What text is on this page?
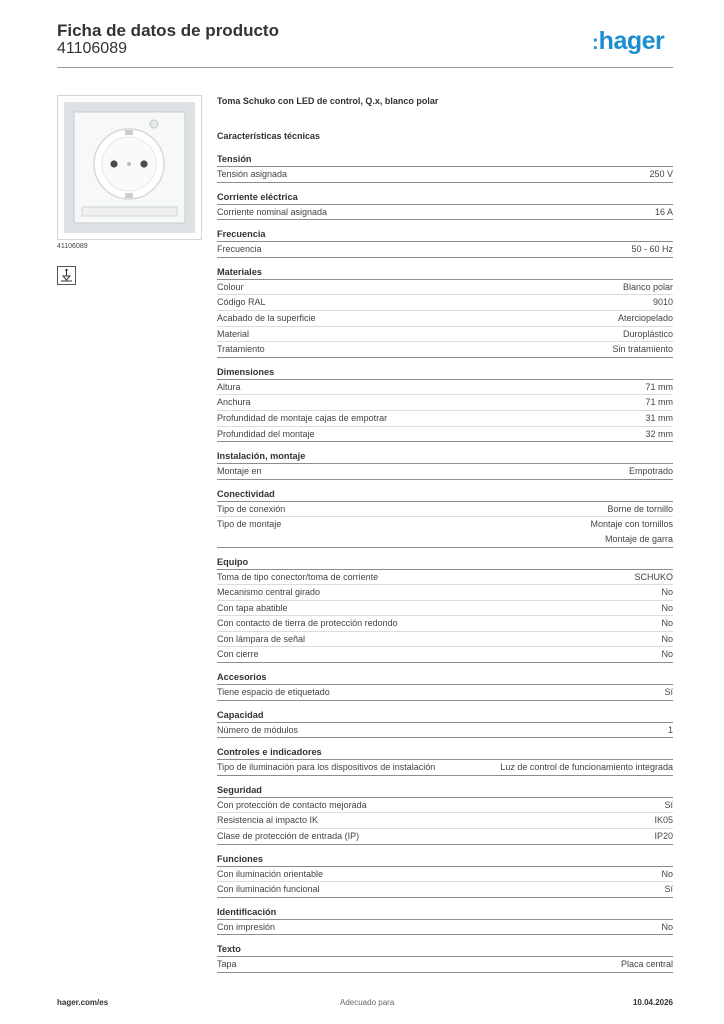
Ficha de datos de producto
41106089	:hager
41106089
Toma Schuko con LED de control, Q.x, blanco polar
Características técnicas
Tensión
Tensión asignada	250 V
Corriente eléctrica
Corriente nominal asignada	16 A
Frecuencia
Frecuencia	50 - 60 Hz
Materiales
Colour	Blanco polar
Código RAL	9010
Acabado de la superficie	Aterciopelado
Material	Duroplástico
Tratamiento	Sin tratamiento
Dimensiones
Altura	71 mm
Anchura	71 mm
Profundidad de montaje cajas de empotrar	31 mm
Profundidad del montaje	32 mm
Instalación, montaje
Montaje en	Empotrado
Conectividad
Tipo de conexión	Borne de tornillo
Tipo de montaje	Montaje con tornillos
Montaje de garra
Equipo
Toma de tipo conector/toma de corriente	SCHUKO
Mecanismo central girado	No
Con tapa abatible	No
Con contacto de tierra de protección redondo	No
Con lámpara de señal	No
Con cierre	No
Accesorios
Tiene espacio de etiquetado	Sí
Capacidad
Número de módulos	1
Controles e indicadores
Tipo de iluminación para los dispositivos de instalación	Luz de control de funcionamiento integrada
Seguridad
Con protección de contacto mejorada	Sí
Resistencia al impacto IK	IK05
Clase de protección de entrada (IP)	IP20
Funciones
Con iluminación orientable	No
Con iluminación funcional	Sí
Identificación
Con impresión	No
Texto
Tapa	Placa central
hager.com/es	Adecuado para	10.04.2026
